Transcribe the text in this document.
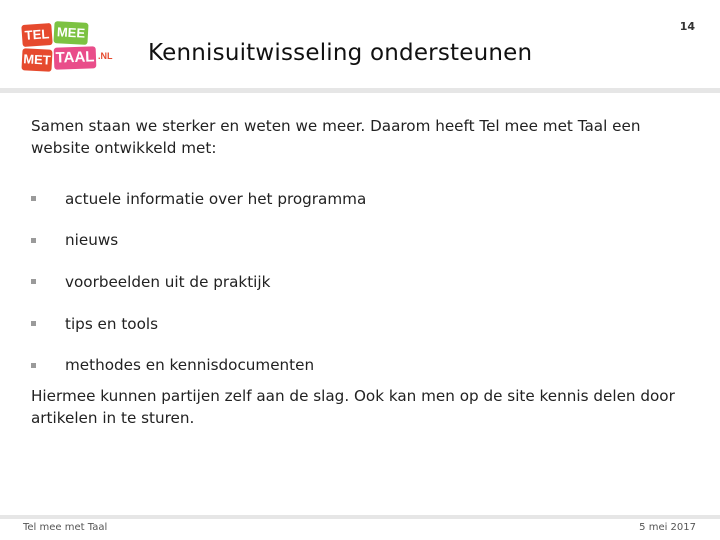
TEL MEE
MET TAAL .NL
14
Kennisuitwisseling ondersteunen
Samen staan we sterker en weten we meer. Daarom heeft Tel mee met Taal een website ontwikkeld met:
actuele informatie over het programma
nieuws
voorbeelden uit de praktijk
tips en tools
methodes en kennisdocumenten
Hiermee kunnen partijen zelf aan de slag. Ook kan men op de site kennis delen door artikelen in te sturen.
Tel mee met Taal	5 mei 2017
